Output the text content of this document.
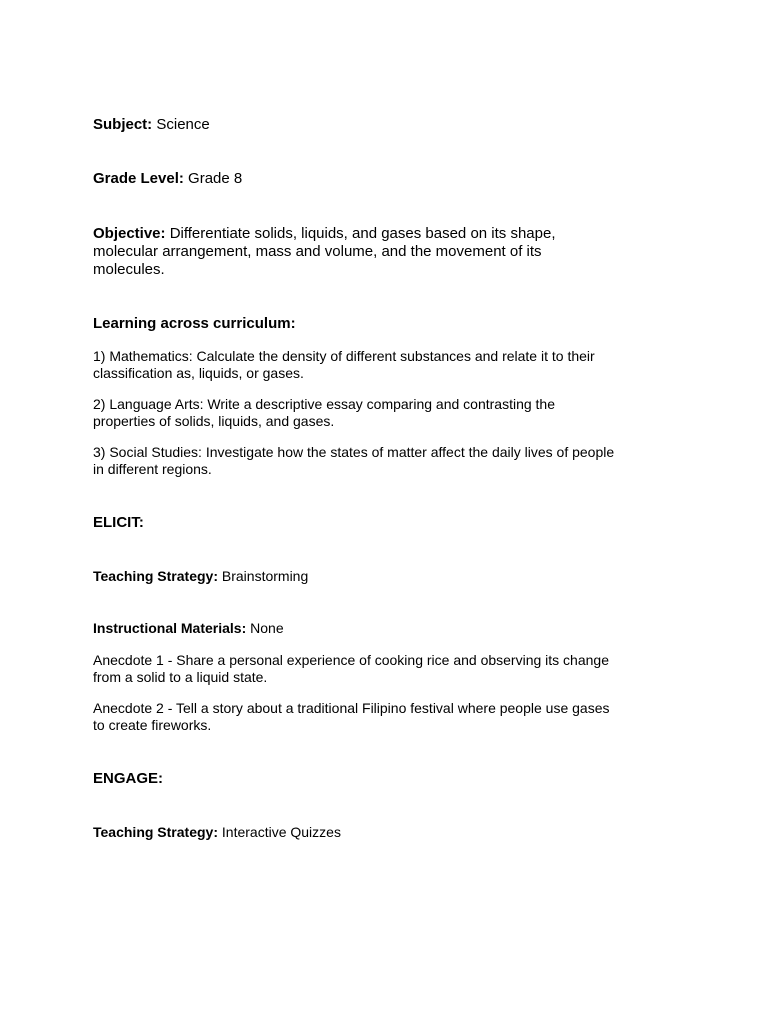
Subject: Science
Grade Level: Grade 8
Objective: Differentiate solids, liquids, and gases based on its shape,
molecular arrangement, mass and volume, and the movement of its
molecules.
Learning across curriculum:
1) Mathematics: Calculate the density of different substances and relate it to their
classification as, liquids, or gases.
2) Language Arts: Write a descriptive essay comparing and contrasting the
properties of solids, liquids, and gases.
3) Social Studies: Investigate how the states of matter affect the daily lives of people
in different regions.
ELICIT:
Teaching Strategy: Brainstorming
Instructional Materials: None
Anecdote 1 - Share a personal experience of cooking rice and observing its change
from a solid to a liquid state.
Anecdote 2 - Tell a story about a traditional Filipino festival where people use gases
to create fireworks.
ENGAGE:
Teaching Strategy: Interactive Quizzes
